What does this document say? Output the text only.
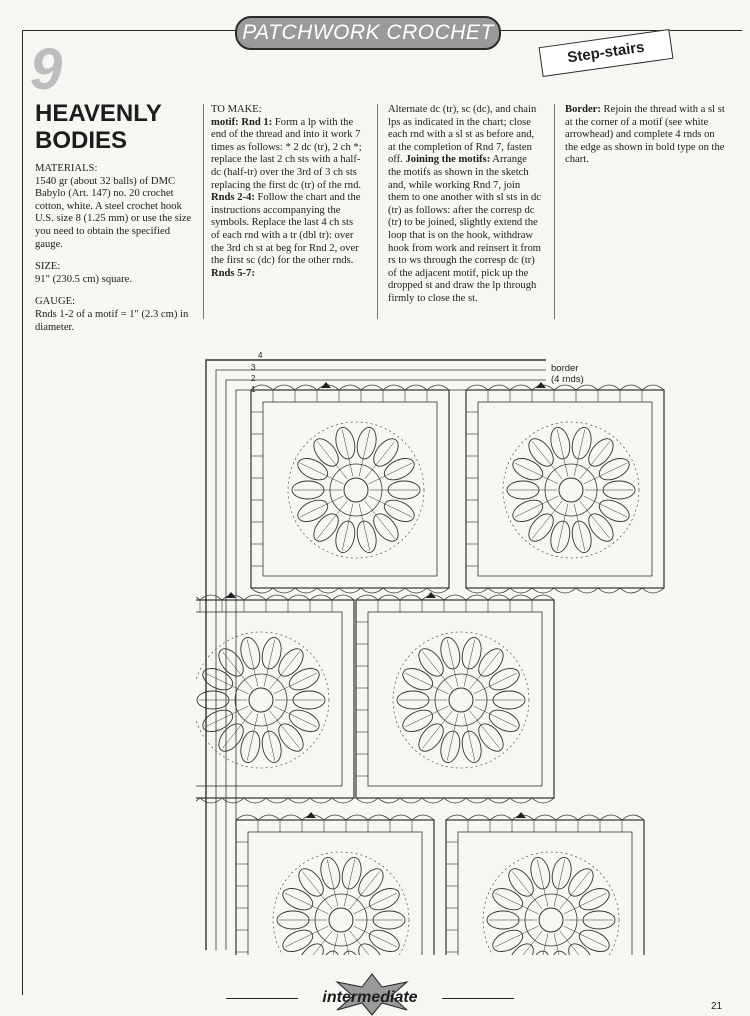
PATCHWORK CROCHET
Step-stairs
9
HEAVENLY
BODIES

MATERIALS:
1540 gr (about 32 balls) of DMC Babylo (Art. 147) no. 20 crochet cotton, white. A steel crochet hook U.S. size 8 (1.25 mm) or use the size you need to obtain the specified gauge.

SIZE:
91" (230.5 cm) square.

GAUGE:
Rnds 1-2 of a motif = 1" (2.3 cm) in diameter.

TO MAKE:
motif: Rnd 1: Form a lp with the end of the thread and into it work 7 times as follows: * 2 dc (tr), 2 ch *; replace the last 2 ch sts with a half-dc (half-tr) over the 3rd of 3 ch sts replacing the first dc (tr) of the rnd. Rnds 2-4: Follow the chart and the instructions accompanying the symbols. Replace the last 4 ch sts of each rnd with a tr (dbl tr): over the 3rd ch st at beg for Rnd 2, over the first sc (dc) for the other rnds. Rnds 5-7:
Alternate dc (tr), sc (dc), and chain lps as indicated in the chart; close each rnd with a sl st as before and, at the completion of Rnd 7, fasten off. Joining the motifs: Arrange the motifs as shown in the sketch and, while working Rnd 7, join them to one another with sl sts in dc (tr) as follows: after the corresp dc (tr) to be joined, slightly extend the loop that is on the hook, withdraw hook from work and reinsert it from rs to ws through the corresp dc (tr) of the adjacent motif, pick up the dropped st and draw the lp through firmly to close the st.
Border: Rejoin the thread with a sl st at the corner of a motif (see white arrowhead) and complete 4 rnds on the edge as shown in bold type on the chart.
4
3
2
1
border
(4 rnds)
intermediate
21
